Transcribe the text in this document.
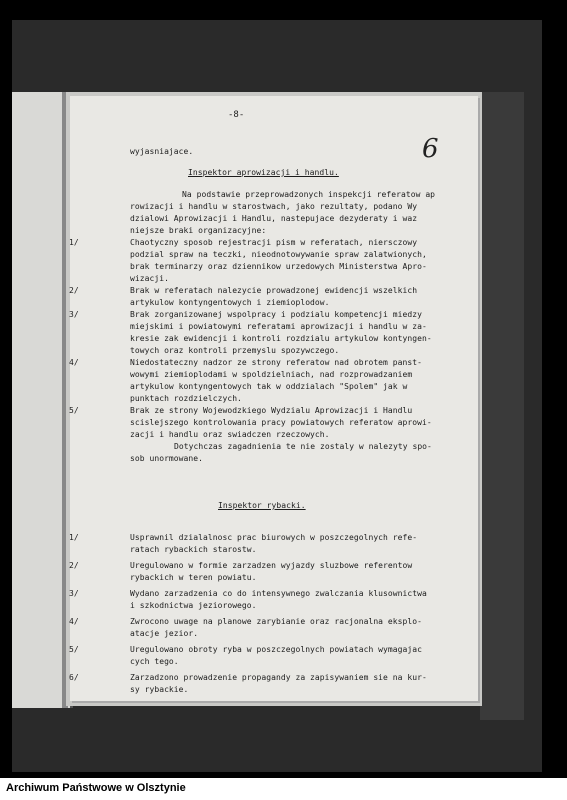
-8-
6
wyjasniajace.
Inspektor aprowizacji i handlu.
Na podstawie przeprowadzonych inspekcji referatow ap
rowizacji i handlu w starostwach, jako rezultaty, podano Wy
dzialowi Aprowizacji i Handlu, nastepujace dezyderaty i waz
niejsze braki organizacyjne:
1/	Chaotyczny sposob rejestracji pism w referatach, niersczowy
podzial spraw na teczki, nieodnotowywanie spraw zalatwionych,
brak terminarzy oraz dziennikow urzedowych Ministerstwa Apro-
wizacji.
2/	Brak w referatach nalezycie prowadzonej ewidencji wszelkich
artykulow kontyngentowych i ziemioplodow.
3/	Brak zorganizowanej wspolpracy i podzialu kompetencji miedzy
miejskimi i powiatowymi referatami aprowizacji i handlu w za-
kresie zak ewidencji i kontroli rozdzialu artykulow kontyngen-
towych oraz kontroli przemyslu spozywczego.
4/	Niedostateczny nadzor ze strony referatow nad obrotem panst-
wowymi ziemioplodami w spoldzielniach, nad rozprowadzaniem
artykulow kontyngentowych tak w oddzialach "Spolem" jak w
punktach rozdzielczych.
5/	Brak ze strony Wojewodzkiego Wydzialu Aprowizacji i Handlu
scislejszego kontrolowania pracy powiatowych referatow aprowi-
zacji i handlu oraz swiadczen rzeczowych.
Dotychczas zagadnienia te nie zostaly w nalezyty spo-
sob unormowane.
Inspektor rybacki.
1/	Usprawnil dzialalnosc prac biurowych w poszczegolnych refe-
ratach rybackich starostw.
2/	Uregulowano w formie zarzadzen wyjazdy sluzbowe referentow
rybackich w teren powiatu.
3/	Wydano zarzadzenia co do intensywnego zwalczania klusownictwa
i szkodnictwa jeziorowego.
4/	Zwrocono uwage na planowe zarybianie oraz racjonalna eksplo-
atacje jezior.
5/	Uregulowano obroty ryba w poszczegolnych powiatach wymagajac
cych tego.
6/	Zarzadzono prowadzenie propagandy za zapisywaniem sie na kur-
sy rybackie.
Archiwum Państwowe w Olsztynie
